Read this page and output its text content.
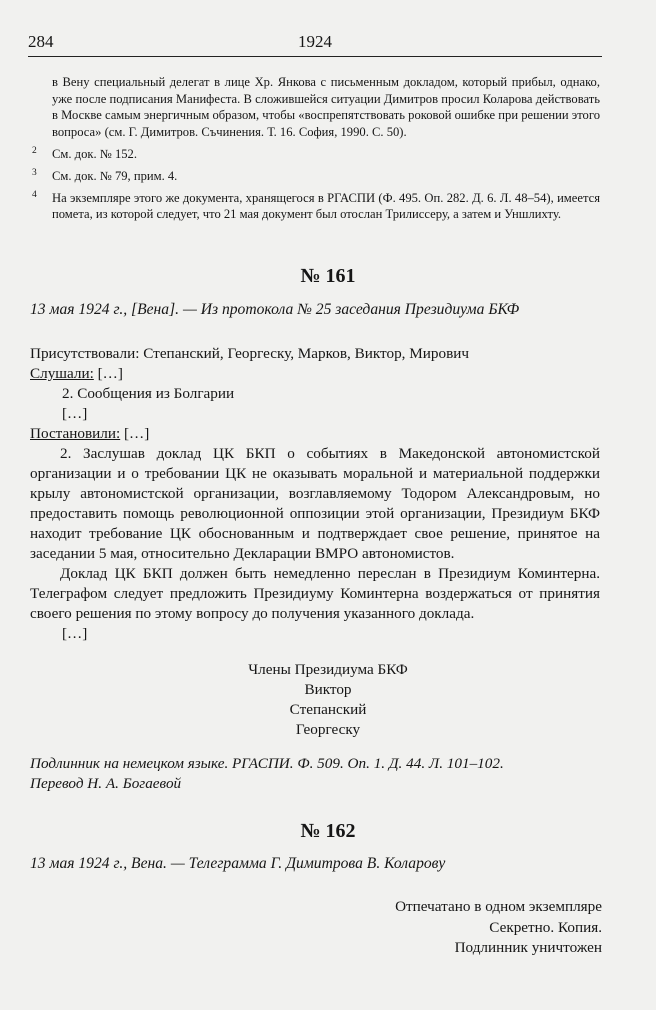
284	1924

в Вену специальный делегат в лице Хр. Янкова с письменным докладом, который прибыл, однако, уже после подписания Манифеста. В сложившейся ситуации Димитров просил Коларова действовать в Москве самым энергичным образом, чтобы «воспрепятствовать роковой ошибке при решении этого вопроса» (см. Г. Димитров. Съчинения. Т. 16. София, 1990. С. 50).

2 См. док. № 152.

3 См. док. № 79, прим. 4.

4 На экземпляре этого же документа, хранящегося в РГАСПИ (Ф. 495. Оп. 282. Д. 6. Л. 48–54), имеется помета, из которой следует, что 21 мая документ был отослан Трилиссеру, а затем и Уншлихту.

№ 161
13 мая 1924 г., [Вена]. — Из протокола № 25 заседания Президиума БКФ

Присутствовали: Степанский, Георгеску, Марков, Виктор, Мирович

Слушали: […]

2. Сообщения из Болгарии

[…]

Постановили: […]

2. Заслушав доклад ЦК БКП о событиях в Македонской автономистской организации и о требовании ЦК не оказывать моральной и материальной поддержки крылу автономистской организации, возглавляемому Тодором Александровым, но предоставить помощь революционной оппозиции этой организации, Президиум БКФ находит требование ЦК обоснованным и подтверждает свое решение, принятое на заседании 5 мая, относительно Декларации ВМРО автономистов.

Доклад ЦК БКП должен быть немедленно переслан в Президиум Коминтерна. Телеграфом следует предложить Президиуму Коминтерна воздержаться от принятия своего решения по этому вопросу до получения указанного доклада.

[…]

Члены Президиума БКФ
Виктор
Степанский
Георгеску

Подлинник на немецком языке. РГАСПИ. Ф. 509. Оп. 1. Д. 44. Л. 101–102.

Перевод Н. А. Богаевой

№ 162
13 мая 1924 г., Вена. — Телеграмма Г. Димитрова В. Коларову
Отпечатано в одном экземпляре
Секретно. Копия.
Подлинник уничтожен
